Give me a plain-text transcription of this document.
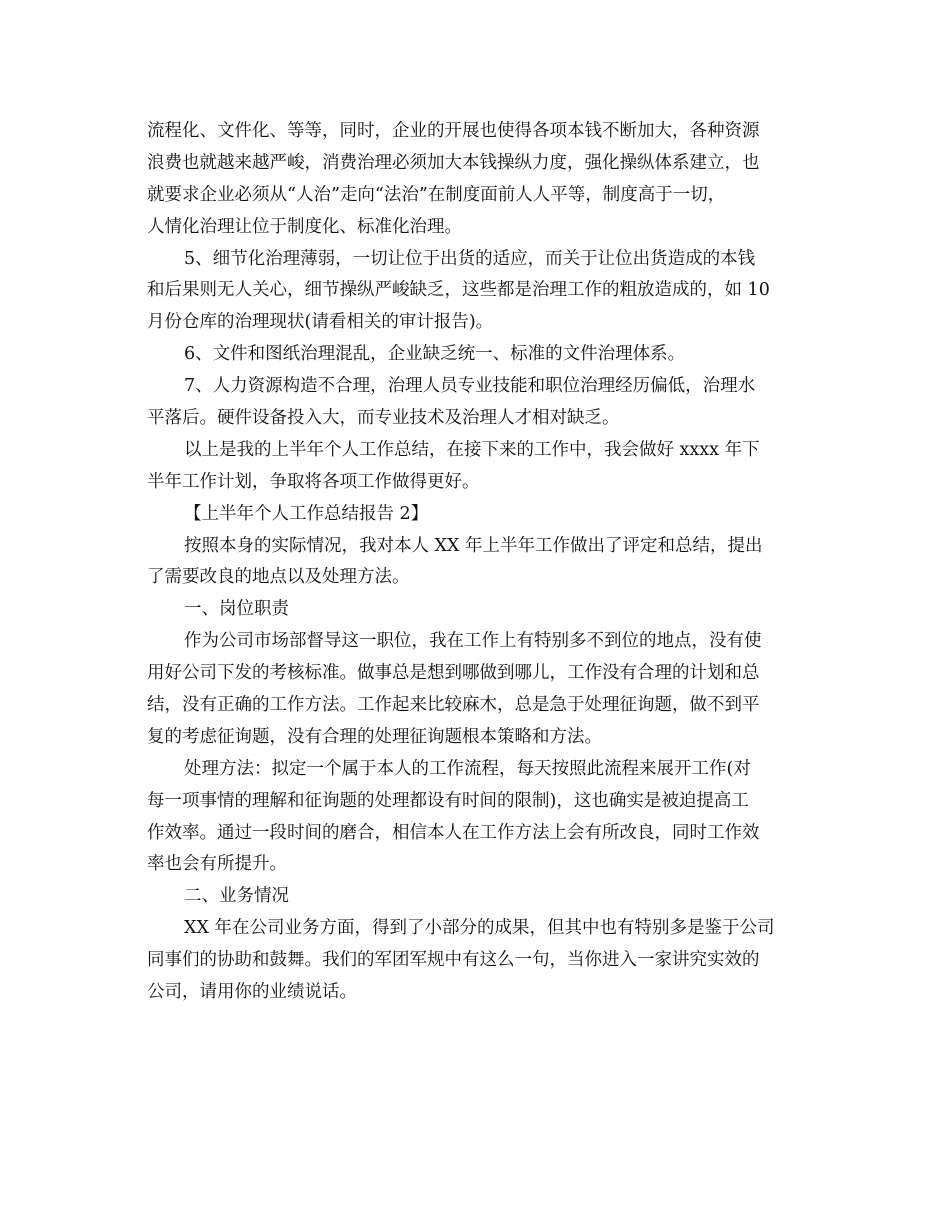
流程化、文件化、等等，同时，企业的开展也使得各项本钱不断加大，各种资源
浪费也就越来越严峻，消费治理必须加大本钱操纵力度，强化操纵体系建立，也
就要求企业必须从“人治”走向“法治”在制度面前人人平等，制度高于一切，
人情化治理让位于制度化、标准化治理。
5、细节化治理薄弱，一切让位于出货的适应，而关于让位出货造成的本钱
和后果则无人关心，细节操纵严峻缺乏，这些都是治理工作的粗放造成的，如 10
月份仓库的治理现状(请看相关的审计报告)。
6、文件和图纸治理混乱，企业缺乏统一、标准的文件治理体系。
7、人力资源构造不合理，治理人员专业技能和职位治理经历偏低，治理水
平落后。硬件设备投入大，而专业技术及治理人才相对缺乏。
以上是我的上半年个人工作总结，在接下来的工作中，我会做好 xxxx 年下
半年工作计划，争取将各项工作做得更好。
【上半年个人工作总结报告 2】
按照本身的实际情况，我对本人 XX 年上半年工作做出了评定和总结，提出
了需要改良的地点以及处理方法。
一、岗位职责
作为公司市场部督导这一职位，我在工作上有特别多不到位的地点，没有使
用好公司下发的考核标准。做事总是想到哪做到哪儿，工作没有合理的计划和总
结，没有正确的工作方法。工作起来比较麻木，总是急于处理征询题，做不到平
复的考虑征询题，没有合理的处理征询题根本策略和方法。
处理方法：拟定一个属于本人的工作流程，每天按照此流程来展开工作(对
每一项事情的理解和征询题的处理都设有时间的限制)，这也确实是被迫提高工
作效率。通过一段时间的磨合，相信本人在工作方法上会有所改良，同时工作效
率也会有所提升。
二、业务情况
XX 年在公司业务方面，得到了小部分的成果，但其中也有特别多是鉴于公司
同事们的协助和鼓舞。我们的军团军规中有这么一句，当你进入一家讲究实效的
公司，请用你的业绩说话。
